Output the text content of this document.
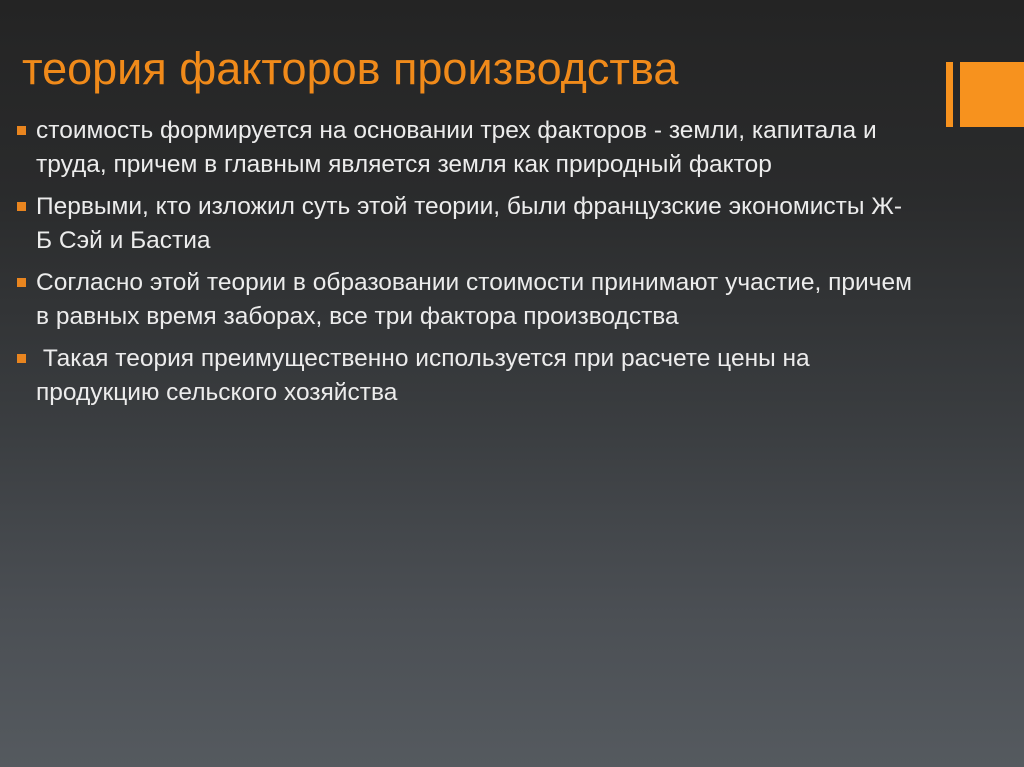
теория факторов производства
стоимость формируется на основании трех факторов - земли, капитала и труда, причем в главным является земля как природный фактор
Первыми, кто изложил суть этой теории, были французские экономисты Ж-Б Сэй и Бастиа
Согласно этой теории в образовании стоимости принимают участие, причем в равных время заборах, все три фактора производства
Такая теория преимущественно используется при расчете цены на продукцию сельского хозяйства
